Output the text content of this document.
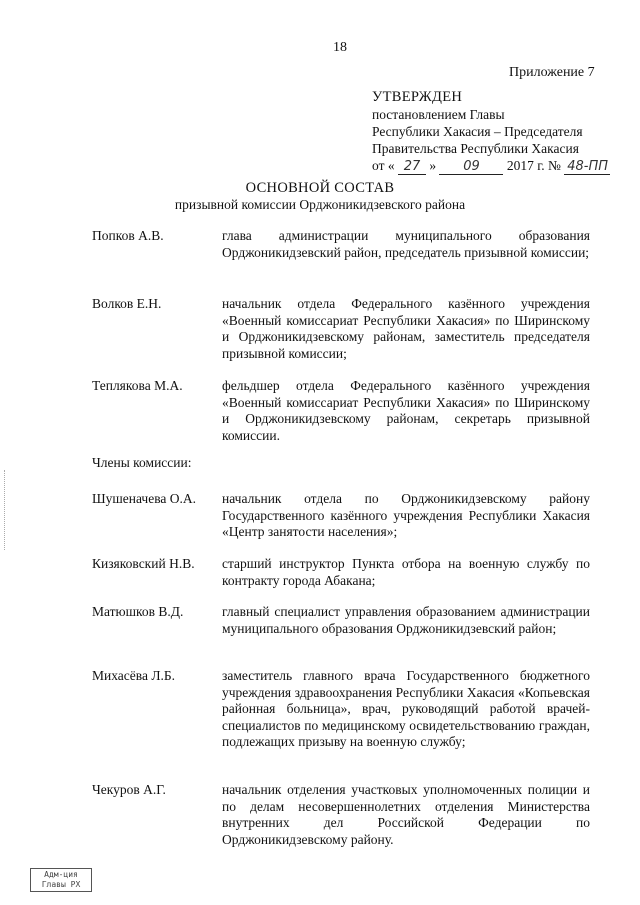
18
Приложение 7
УТВЕРЖДЕН
постановлением Главы
Республики Хакасия – Председателя
Правительства Республики Хакасия
от « 27 » 09 2017 г. № 48-ПП
ОСНОВНОЙ СОСТАВ
призывной комиссии Орджоникидзевского района
Попков А.В.	глава администрации муниципального образования Орджоникидзевский район, председатель призывной комиссии;
Волков Е.Н.	начальник отдела Федерального казённого учреждения «Военный комиссариат Республики Хакасия» по Ширинскому и Орджоникидзевскому районам, заместитель председателя призывной комиссии;
Теплякова М.А.	фельдшер отдела Федерального казённого учреждения «Военный комиссариат Республики Хакасия» по Ширинскому и Орджоникидзевскому районам, секретарь призывной комиссии.
Члены комиссии:
Шушеначева О.А. начальник отдела по Орджоникидзевскому району Государственного казённого учреждения Республики Хакасия «Центр занятости населения»;
Кизяковский Н.В. старший инструктор Пункта отбора на военную службу по контракту города Абакана;
Матюшков В.Д.	главный специалист управления образованием администрации муниципального образования Орджоникидзевский район;
Михасёва Л.Б.	заместитель главного врача Государственного бюджетного учреждения здравоохранения Республики Хакасия «Копьевская районная больница», врач, руководящий работой врачей-специалистов по медицинскому освидетельствованию граждан, подлежащих призыву на военную службу;
Чекуров А.Г.	начальник отделения участковых уполномоченных полиции и по делам несовершеннолетних отделения Министерства внутренних дел Российской Федерации по Орджоникидзевскому району.
Адм-ция
Главы РХ
